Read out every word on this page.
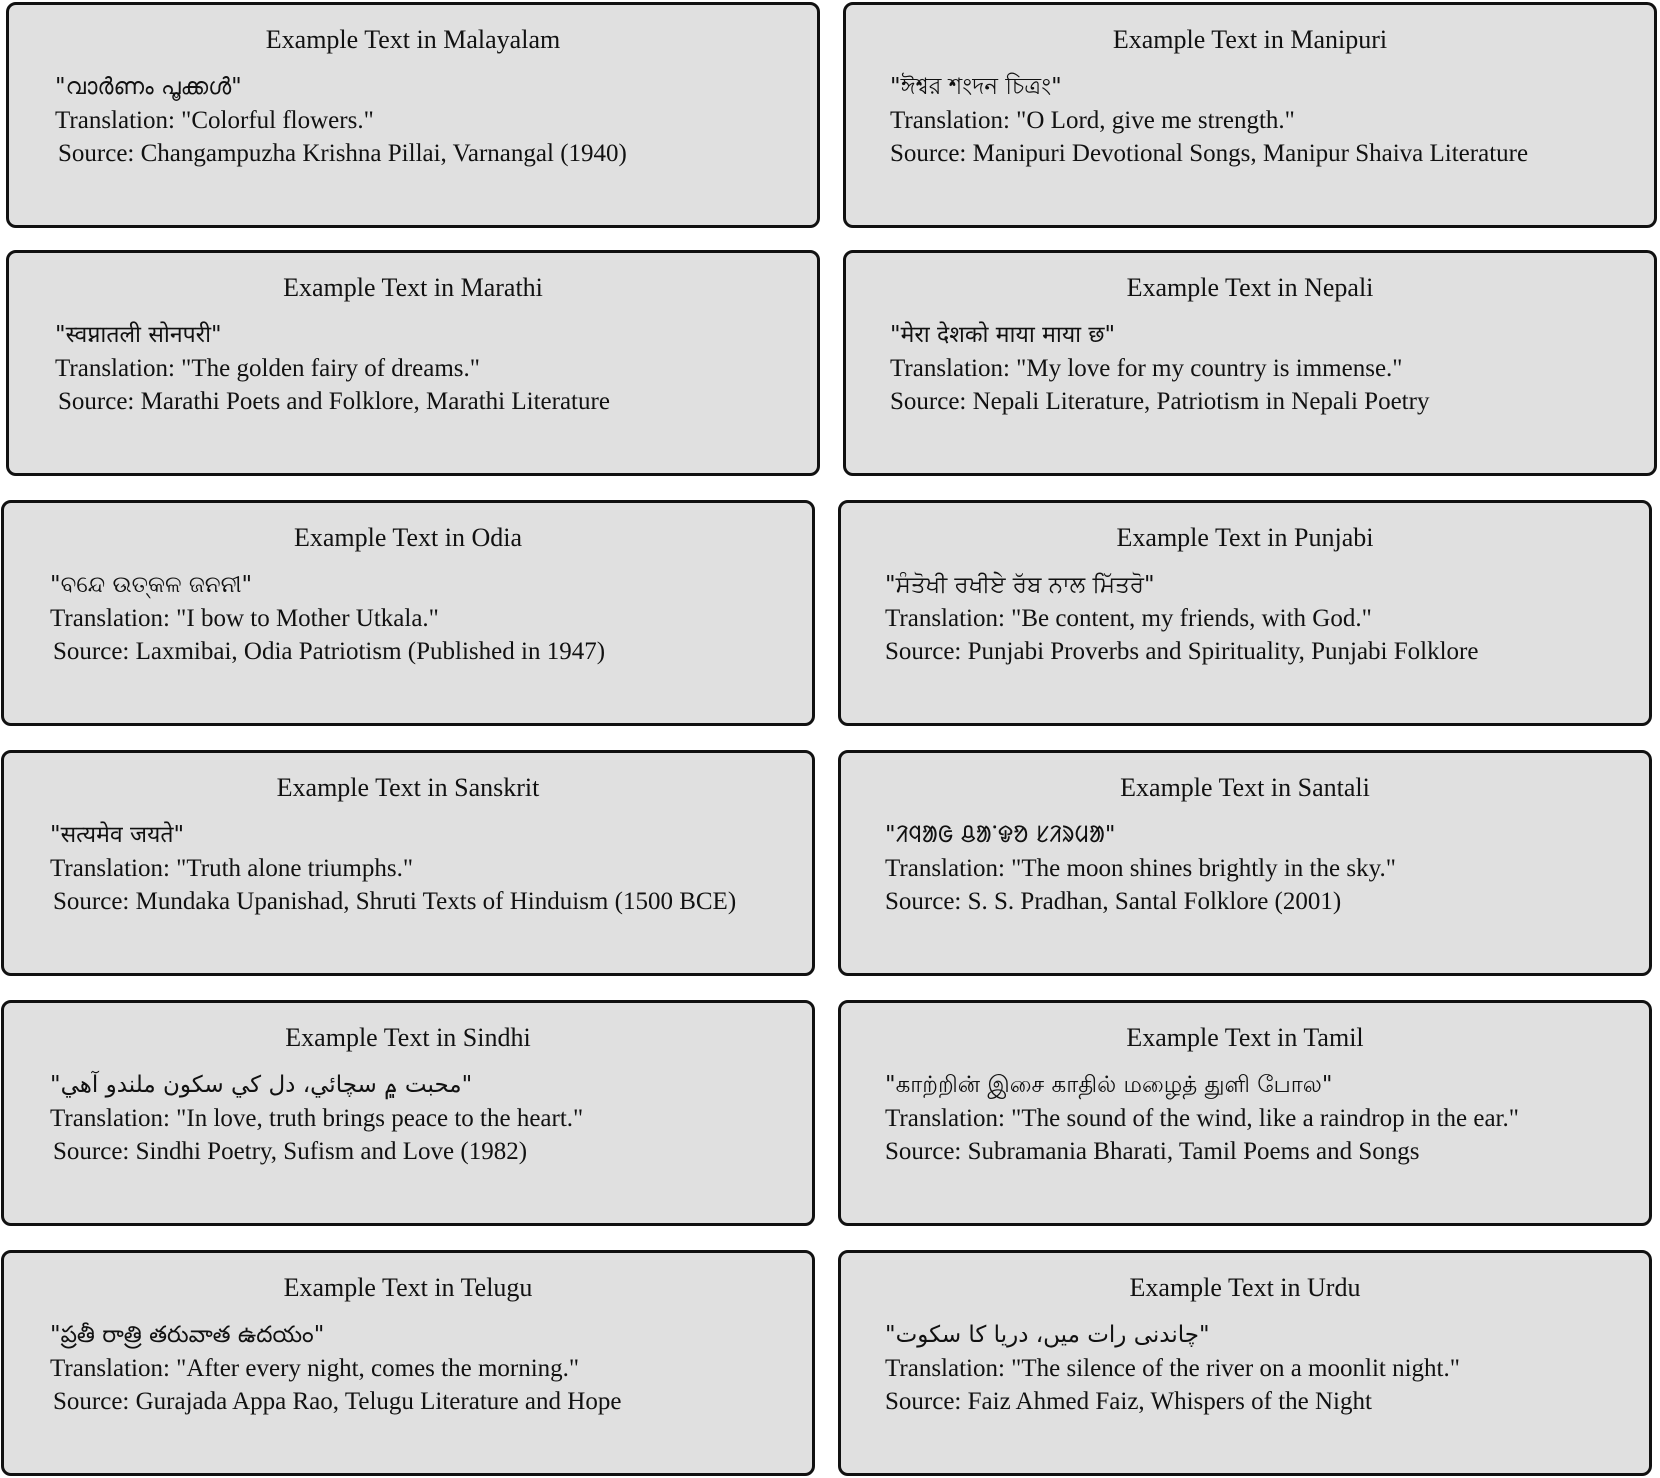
Example Text in Malayalam
"വാർണം പൂക്കൾ"
Translation: "Colorful flowers."
Source: Changampuzha Krishna Pillai, Varnangal (1940)
Example Text in Manipuri
"ঈশ্বর শংদন চিত্রং"
Translation: "O Lord, give me strength."
Source: Manipuri Devotional Songs, Manipur Shaiva Literature
Example Text in Marathi
"स्वप्नातली सोनपरी"
Translation: "The golden fairy of dreams."
Source: Marathi Poets and Folklore, Marathi Literature
Example Text in Nepali
"मेरा देशको माया माया छ"
Translation: "My love for my country is immense."
Source: Nepali Literature, Patriotism in Nepali Poetry
Example Text in Odia
"ବନ୍ଦେ ଉତ୍କଳ ଜନନୀ"
Translation: "I bow to Mother Utkala."
Source: Laxmibai, Odia Patriotism (Published in 1947)
Example Text in Punjabi
"ਸੰਤੋਖੀ ਰਖੀਏ ਰੱਬ ਨਾਲ ਮਿੱਤਰੋ"
Translation: "Be content, my friends, with God."
Source: Punjabi Proverbs and Spirituality, Punjabi Folklore
Example Text in Sanskrit
"सत्यमेव जयते"
Translation: "Truth alone triumphs."
Source: Mundaka Upanishad, Shruti Texts of Hinduism (1500 BCE)
Example Text in Santali
"ᱤᱧᱟᱜ ᱪᱟᱸᱫᱚ ᱥᱤᱨᱢᱟ"
Translation: "The moon shines brightly in the sky."
Source: S. S. Pradhan, Santal Folklore (2001)
Example Text in Sindhi
"محبت ۾ سچائي، دل کي سکون ملندو آهي"
Translation: "In love, truth brings peace to the heart."
Source: Sindhi Poetry, Sufism and Love (1982)
Example Text in Tamil
"காற்றின் இசை காதில் மழைத் துளி போல"
Translation: "The sound of the wind, like a raindrop in the ear."
Source: Subramania Bharati, Tamil Poems and Songs
Example Text in Telugu
"ప్రతీ రాత్రి తరువాత ఉదయం"
Translation: "After every night, comes the morning."
Source: Gurajada Appa Rao, Telugu Literature and Hope
Example Text in Urdu
"چاندنی رات میں، دریا کا سکوت"
Translation: "The silence of the river on a moonlit night."
Source: Faiz Ahmed Faiz, Whispers of the Night
